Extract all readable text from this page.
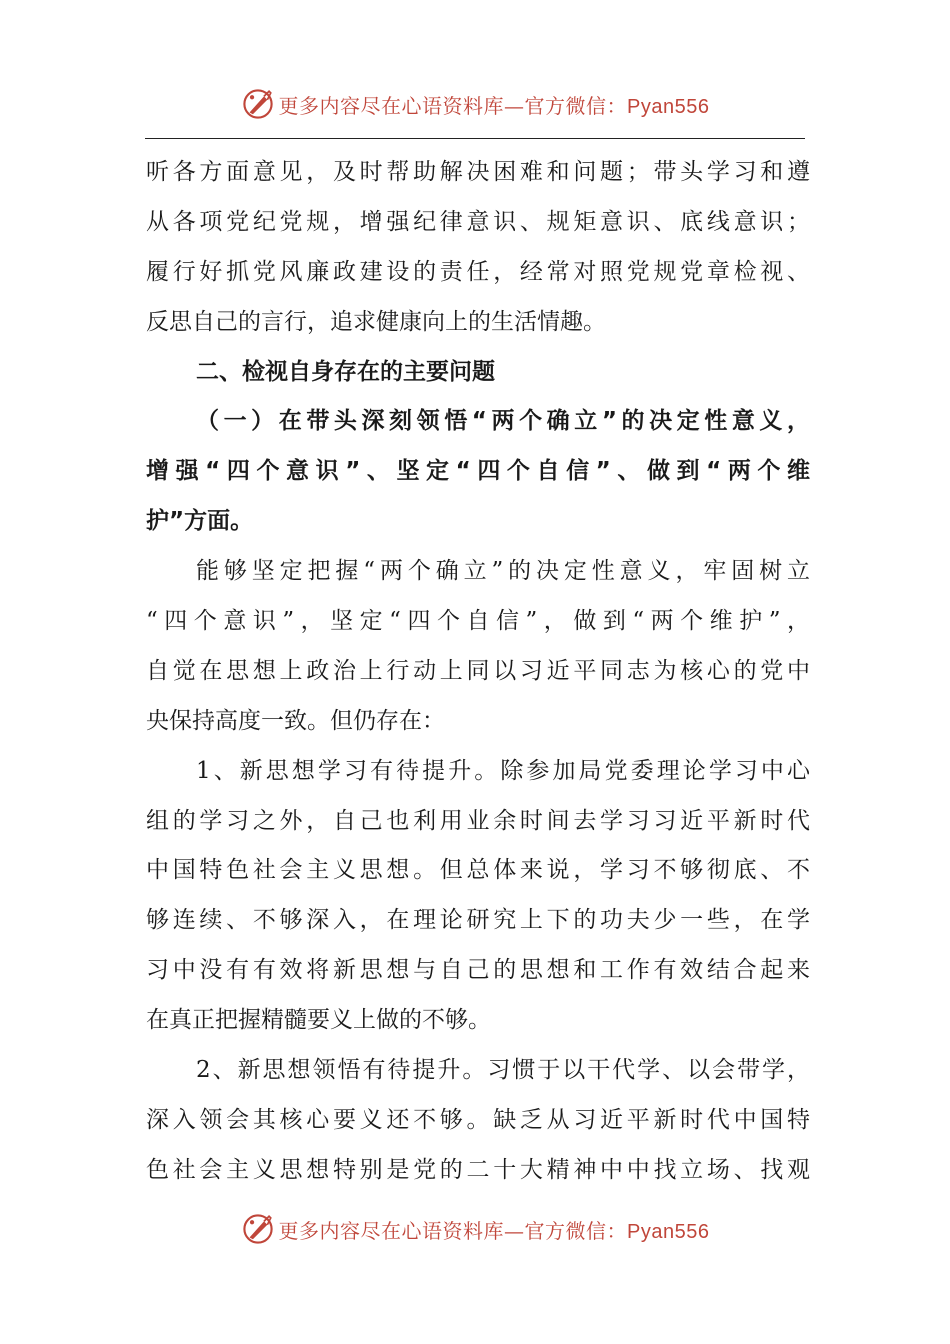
更多内容尽在心语资料库—官方微信：Pyan556
听各方面意见，及时帮助解决困难和问题；带头学习和遵
从各项党纪党规，增强纪律意识、规矩意识、底线意识；
履行好抓党风廉政建设的责任，经常对照党规党章检视、
反思自己的言行，追求健康向上的生活情趣。
二、检视自身存在的主要问题
（一）在带头深刻领悟“两个确立”的决定性意义，
增强“四个意识”、坚定“四个自信”、做到“两个维
护”方面。
能够坚定把握“两个确立”的决定性意义，牢固树立
“四个意识”，坚定“四个自信”，做到“两个维护”，
自觉在思想上政治上行动上同以习近平同志为核心的党中
央保持高度一致。但仍存在：
1、新思想学习有待提升。除参加局党委理论学习中心
组的学习之外，自己也利用业余时间去学习习近平新时代
中国特色社会主义思想。但总体来说，学习不够彻底、不
够连续、不够深入，在理论研究上下的功夫少一些，在学
习中没有有效将新思想与自己的思想和工作有效结合起来
在真正把握精髓要义上做的不够。
2、新思想领悟有待提升。习惯于以干代学、以会带学，
深入领会其核心要义还不够。缺乏从习近平新时代中国特
色社会主义思想特别是党的二十大精神中中找立场、找观
更多内容尽在心语资料库—官方微信：Pyan556
